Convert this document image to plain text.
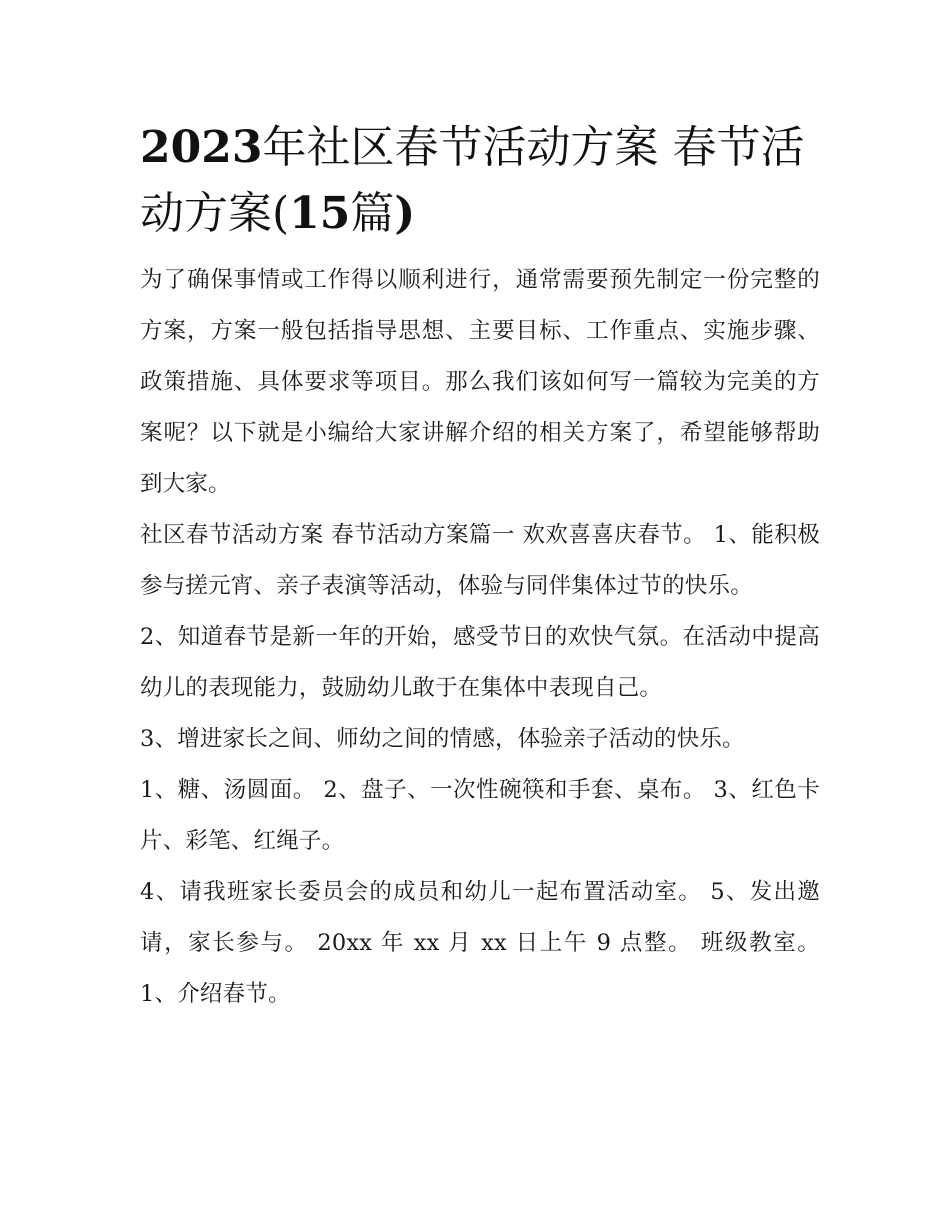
2023年社区春节活动方案 春节活动方案(15篇)

为了确保事情或工作得以顺利进行，通常需要预先制定一份完整的方案，方案一般包括指导思想、主要目标、工作重点、实施步骤、政策措施、具体要求等项目。那么我们该如何写一篇较为完美的方案呢？以下就是小编给大家讲解介绍的相关方案了，希望能够帮助到大家。

社区春节活动方案 春节活动方案篇一 欢欢喜喜庆春节。 1、能积极参与搓元宵、亲子表演等活动，体验与同伴集体过节的快乐。

2、知道春节是新一年的开始，感受节日的欢快气氛。在活动中提高幼儿的表现能力，鼓励幼儿敢于在集体中表现自己。

3、增进家长之间、师幼之间的情感，体验亲子活动的快乐。

1、糖、汤圆面。 2、盘子、一次性碗筷和手套、桌布。 3、红色卡片、彩笔、红绳子。

4、请我班家长委员会的成员和幼儿一起布置活动室。 5、发出邀请，家长参与。 20xx 年 xx 月 xx 日上午 9 点整。 班级教室。 1、介绍春节。
